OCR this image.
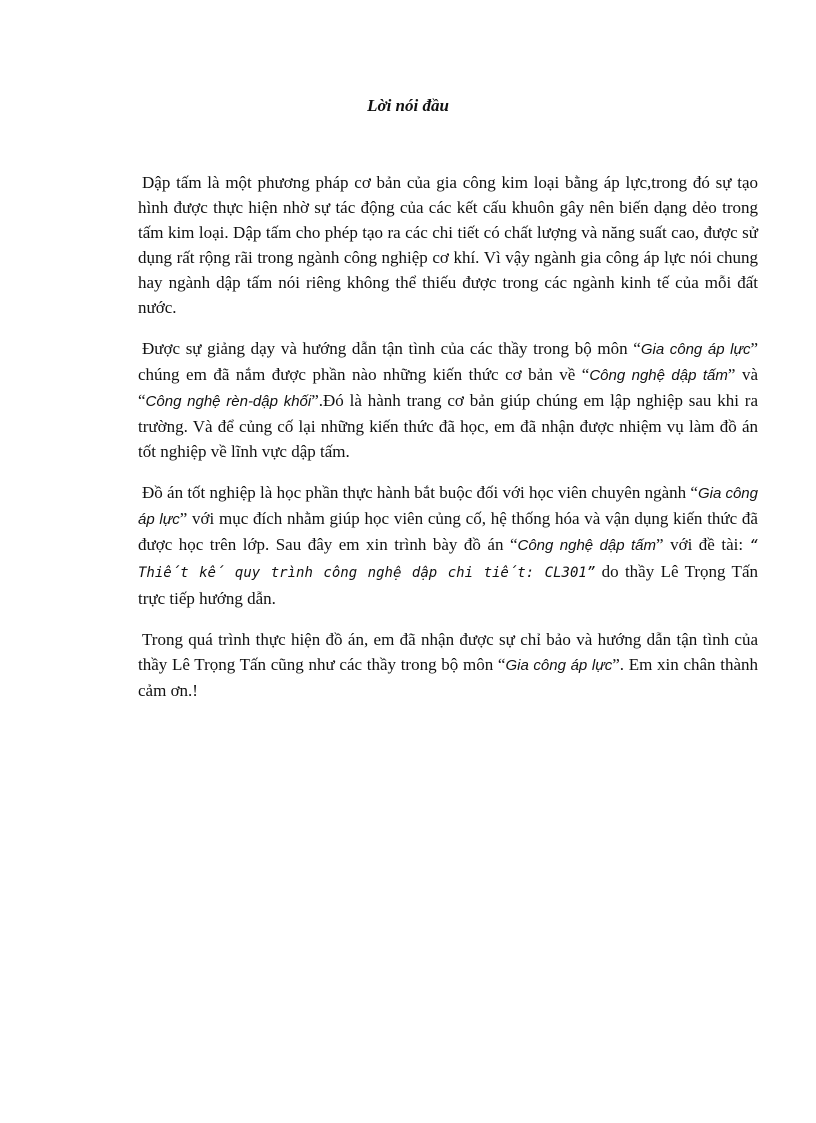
Lời nói đầu

Dập tấm là một phương pháp cơ bản của gia công kim loại bằng áp lực,trong đó sự tạo hình được thực hiện nhờ sự tác động của các kết cấu khuôn gây nên biến dạng dẻo trong tấm kim loại. Dập tấm cho phép tạo ra các chi tiết có chất lượng và năng suất cao, được sử dụng rất rộng rãi trong ngành công nghiệp cơ khí. Vì vậy ngành gia công áp lực nói chung hay ngành dập tấm nói riêng không thể thiếu được trong các ngành kinh tế của mỗi đất nước.

Được sự giảng dạy và hướng dẫn tận tình của các thầy trong bộ môn “Gia công áp lực” chúng em đã nắm được phần nào những kiến thức cơ bản về “Công nghệ dập tấm” và “Công nghệ rèn-dập khối”.Đó là hành trang cơ bản giúp chúng em lập nghiệp sau khi ra trường. Và để củng cố lại những kiến thức đã học, em đã nhận được nhiệm vụ làm đồ án tốt nghiệp về lĩnh vực dập tấm.

Đồ án tốt nghiệp là học phần thực hành bắt buộc đối với học viên chuyên ngành “Gia công áp lực” với mục đích nhằm giúp học viên củng cố, hệ thống hóa và vận dụng kiến thức đã được học trên lớp. Sau đây em xin trình bày đồ án “Công nghệ dập tấm” với đề tài: “ Thiết kế quy trình công nghệ dập chi tiết: CL301” do thầy Lê Trọng Tấn trực tiếp hướng dẫn.

Trong quá trình thực hiện đồ án, em đã nhận được sự chỉ bảo và hướng dẫn tận tình của thầy Lê Trọng Tấn cũng như các thầy trong bộ môn “Gia công áp lực”. Em xin chân thành cảm ơn.!
